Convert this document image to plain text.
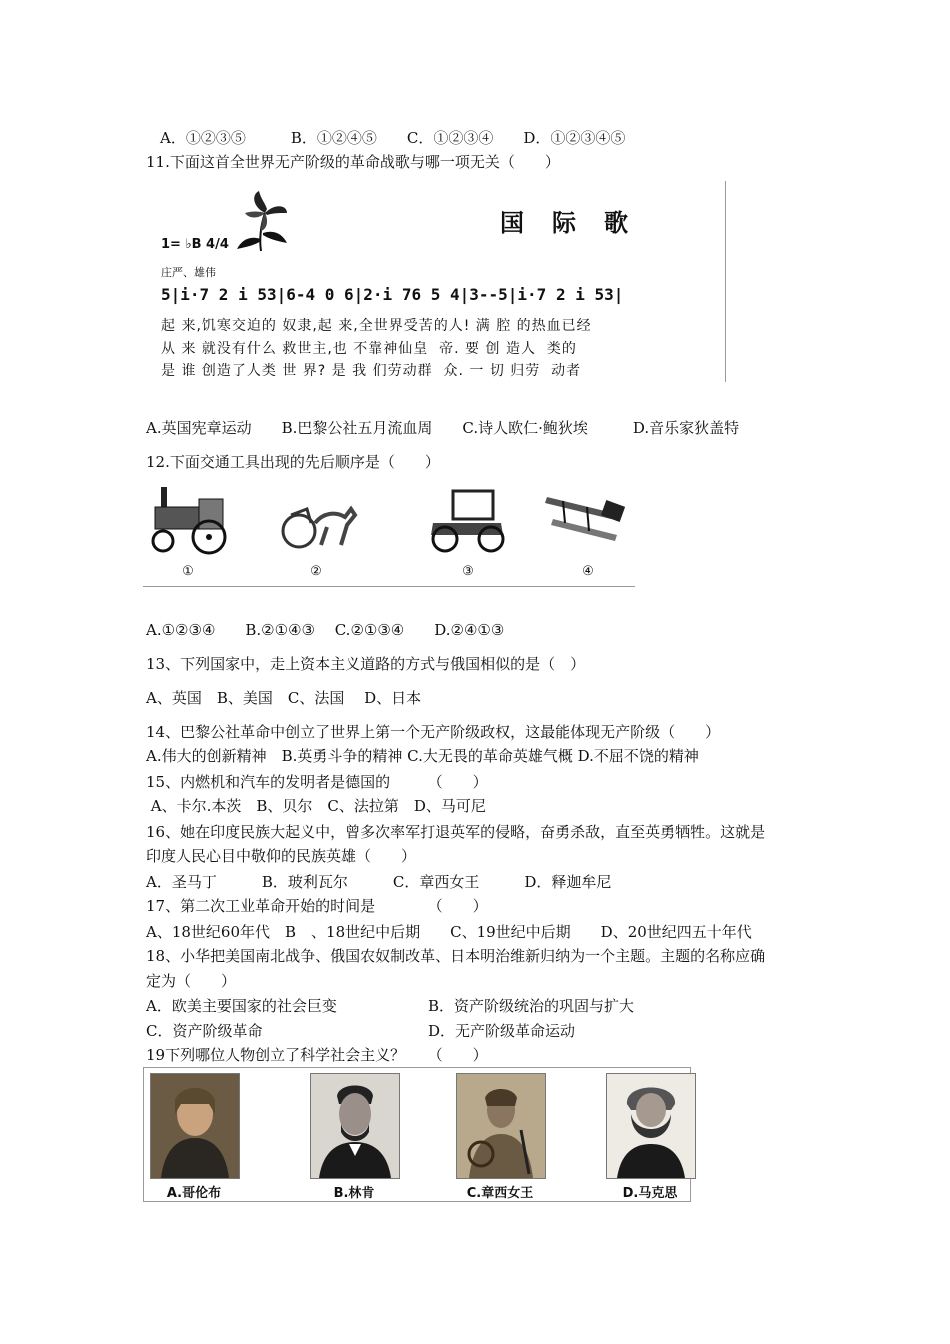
A．①②③⑤　　　B．①②④⑤　　C．①②③④　　D．①②③④⑤
11.下面这首全世界无产阶级的革命战歌与哪一项无关（　　）
国际歌
1= ♭B 4/4
庄严、雄伟
5|i·7 2 i 53|6-4 0 6|2·i 76 5 4|3--5|i·7 2 i 53|
起 来,饥寒交迫的 奴隶,起 来,全世界受苦的人! 满 腔 的热血已经
从 来 就没有什么 救世主,也 不靠神仙皇  帝. 要 创 造人  类的
是 谁 创造了人类 世 界? 是 我 们劳动群  众. 一 切 归劳  动者
A.英国宪章运动　　B.巴黎公社五月流血周　　C.诗人欧仁·鲍狄埃　　　D.音乐家狄盖特
12.下面交通工具出现的先后顺序是（　　）
①	②	③	④
A.①②③④　　B.②①④③　 C.②①③④　　D.②④①③
13、下列国家中，走上资本主义道路的方式与俄国相似的是（　）
A、英国　B、美国　C、法国　 D、日本
14、巴黎公社革命中创立了世界上第一个无产阶级政权，这最能体现无产阶级（　　）
A.伟大的创新精神　B.英勇斗争的精神 C.大无畏的革命英雄气概 D.不屈不饶的精神
15、内燃机和汽车的发明者是德国的　　　（　　）
A、卡尔.本茨　B、贝尔　C、法拉第　D、马可尼
16、她在印度民族大起义中，曾多次率军打退英军的侵略，奋勇杀敌，直至英勇牺牲。这就是
印度人民心目中敬仰的民族英雄（　　）
A．圣马丁　　　B．玻利瓦尔　　　C．章西女王　　　D．释迦牟尼
17、第二次工业革命开始的时间是　　　　（　　）
A、18世纪60年代　B　、18世纪中后期　　C、19世纪中后期　　D、20世纪四五十年代
18、小华把美国南北战争、俄国农奴制改革、日本明治维新归纳为一个主题。主题的名称应确
定为（　　）
A．欧美主要国家的社会巨变	B．资产阶级统治的巩固与扩大
C．资产阶级革命	D．无产阶级革命运动
19下列哪位人物创立了科学社会主义？　　（　　）
A.哥伦布	B.林肯	C.章西女王	D.马克思
